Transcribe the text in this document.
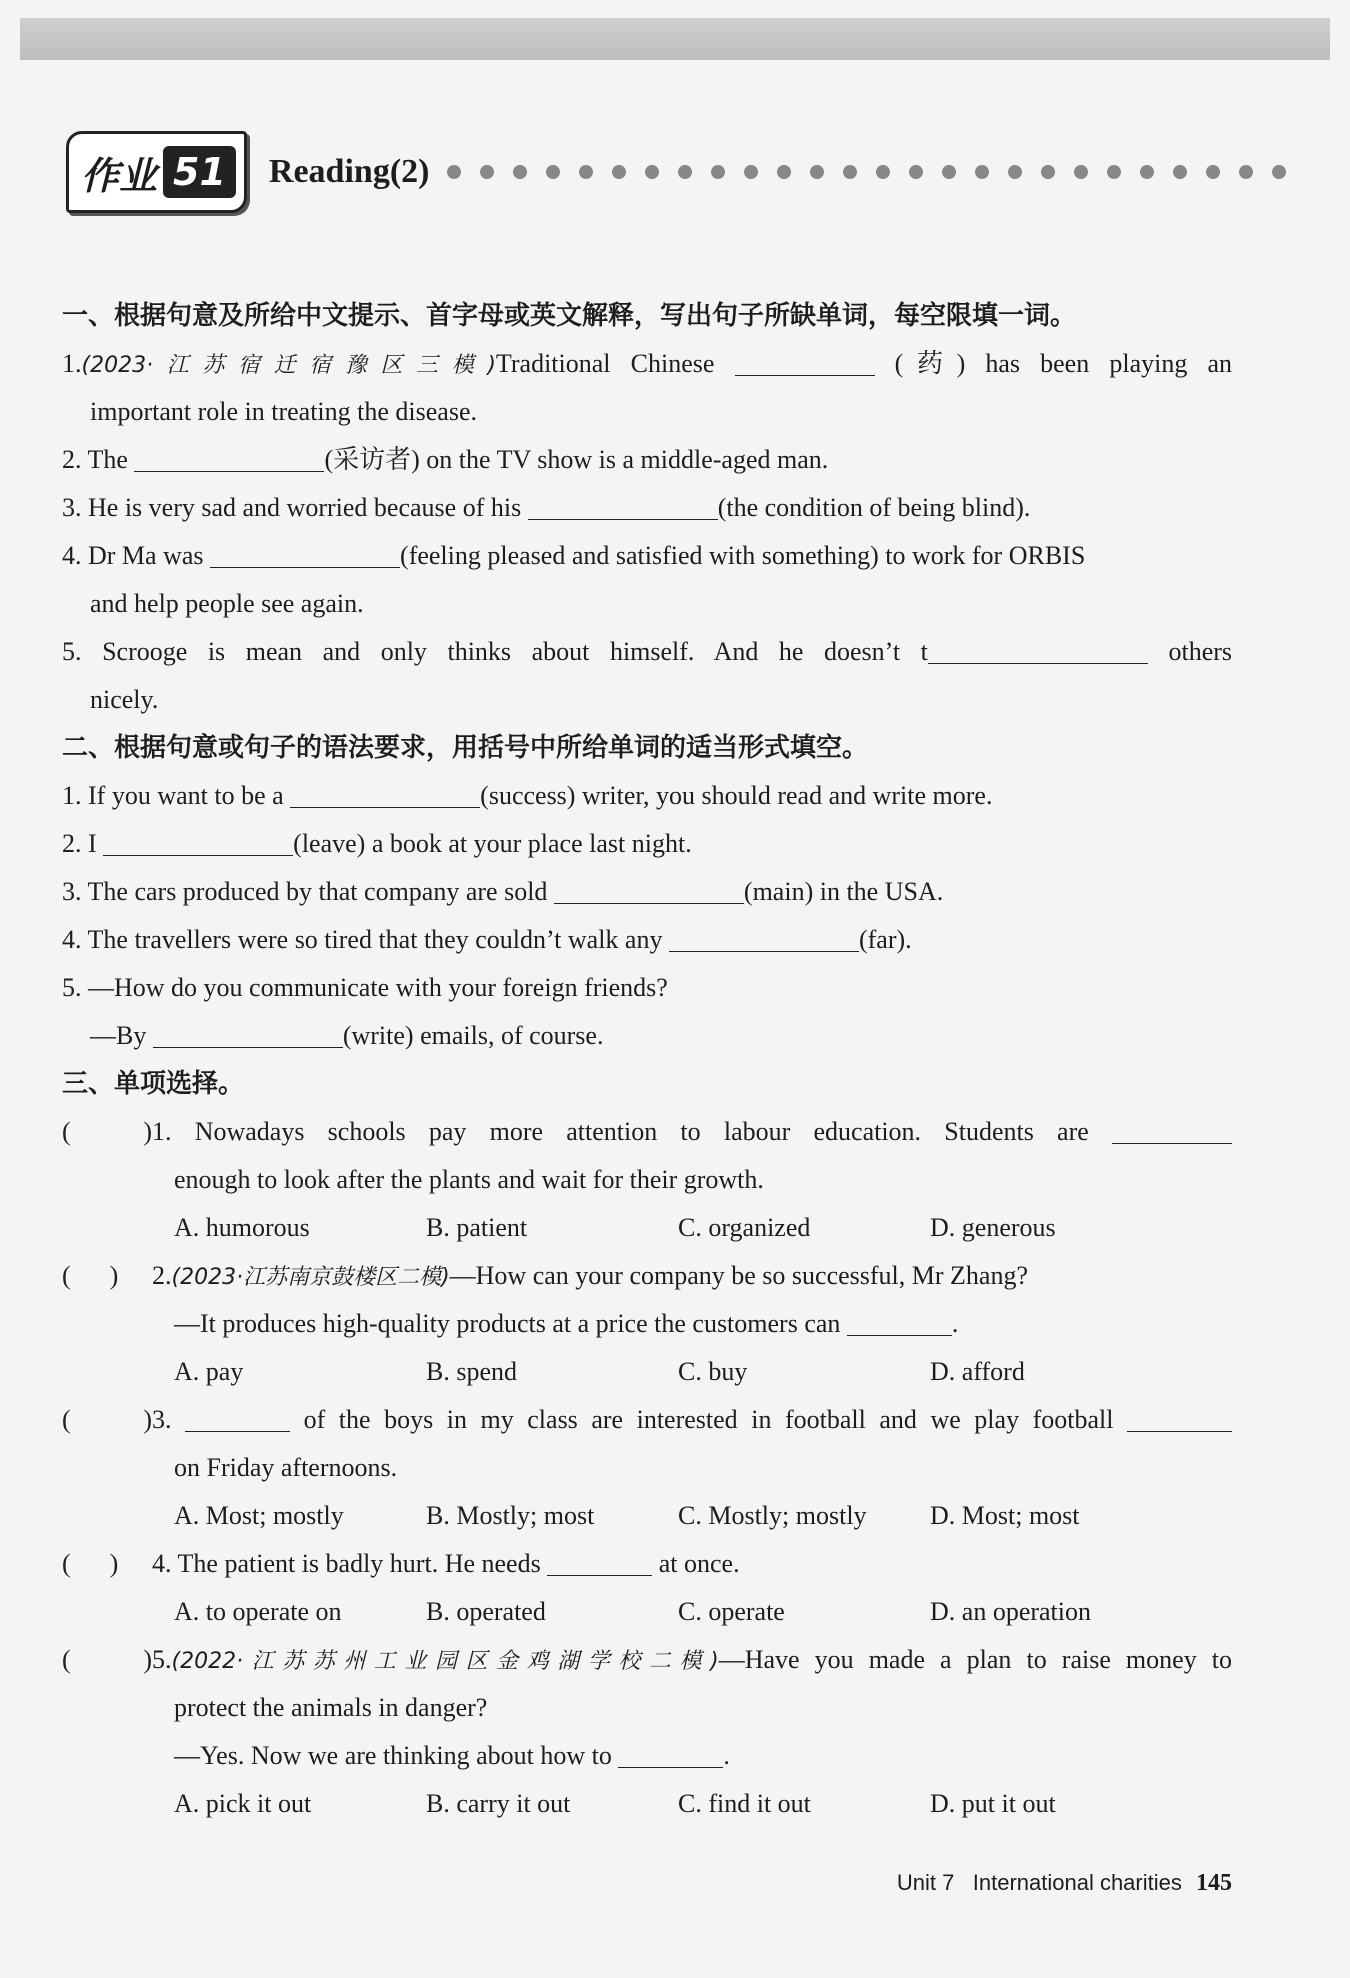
作业 51 Reading(2)
一、根据句意及所给中文提示、首字母或英文解释，写出句子所缺单词，每空限填一词。
1.(2023·江苏宿迁宿豫区三模)Traditional Chinese	(药) has been playing an
important role in treating the disease.
2. The	(采访者) on the TV show is a middle-aged man.
3. He is very sad and worried because of his	(the condition of being blind).
4. Dr Ma was	(feeling pleased and satisfied with something) to work for ORBIS
and help people see again.
5. Scrooge is mean and only thinks about himself. And he doesn’t t	others
nicely.
二、根据句意或句子的语法要求，用括号中所给单词的适当形式填空。
1. If you want to be a	(success) writer, you should read and write more.
2. I	(leave) a book at your place last night.
3. The cars produced by that company are sold	(main) in the USA.
4. The travellers were so tired that they couldn’t walk any	(far).
5. —How do you communicate with your foreign friends?
—By	(write) emails, of course.
三、单项选择。
(	)1. Nowadays schools pay more attention to labour education. Students are
enough to look after the plants and wait for their growth.
A. humorous	B. patient	C. organized	D. generous
( ) 2.(2023·江苏南京鼓楼区二模)—How can your company be so successful, Mr Zhang?
—It produces high-quality products at a price the customers can	.
A. pay	B. spend	C. buy	D. afford
(	)3.	of the boys in my class are interested in football and we play football
on Friday afternoons.
A. Most; mostly	B. Mostly; most	C. Mostly; mostly	D. Most; most
( ) 4. The patient is badly hurt. He needs	at once.
A. to operate on	B. operated	C. operate	D. an operation
(	)5.(2022·江苏苏州工业园区金鸡湖学校二模)—Have you made a plan to raise money to
protect the animals in danger?
—Yes. Now we are thinking about how to	.
A. pick it out	B. carry it out	C. find it out	D. put it out
Unit 7 International charities 145
